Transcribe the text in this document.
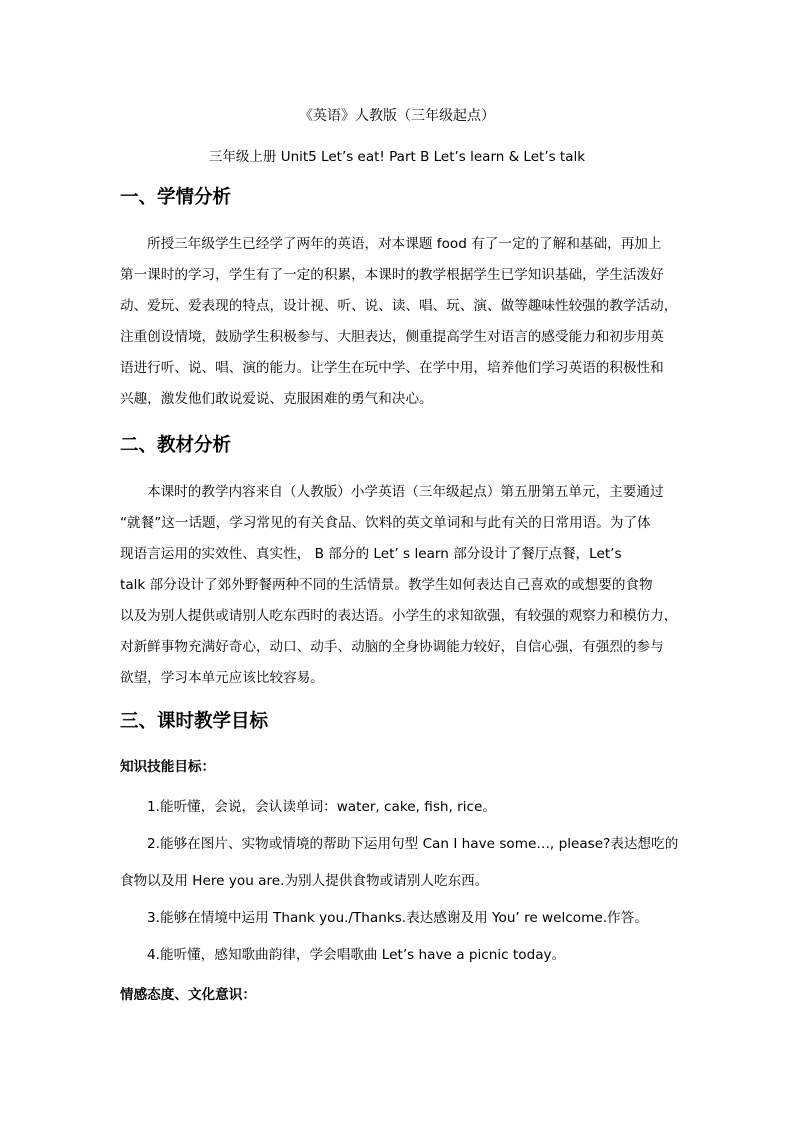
《英语》人教版（三年级起点）
三年级上册 Unit5 Let’s eat! Part B Let’s learn & Let’s talk
一、学情分析
所授三年级学生已经学了两年的英语，对本课题 food 有了一定的了解和基础，再加上
第一课时的学习，学生有了一定的积累，本课时的教学根据学生已学知识基础，学生活泼好
动、爱玩、爱表现的特点，设计视、听、说、读、唱、玩、演、做等趣味性较强的教学活动，
注重创设情境，鼓励学生积极参与、大胆表达，侧重提高学生对语言的感受能力和初步用英
语进行听、说、唱、演的能力。让学生在玩中学、在学中用，培养他们学习英语的积极性和
兴趣，激发他们敢说爱说、克服困难的勇气和决心。
二、教材分析
本课时的教学内容来自（人教版）小学英语（三年级起点）第五册第五单元，主要通过
“就餐”这一话题，学习常见的有关食品、饮料的英文单词和与此有关的日常用语。为了体
现语言运用的实效性、真实性， B 部分的 Let’ s learn 部分设计了餐厅点餐，Let’s
talk 部分设计了郊外野餐两种不同的生活情景。教学生如何表达自己喜欢的或想要的食物
以及为别人提供或请别人吃东西时的表达语。小学生的求知欲强，有较强的观察力和模仿力，
对新鲜事物充满好奇心，动口、动手、动脑的全身协调能力较好，自信心强，有强烈的参与
欲望，学习本单元应该比较容易。
三、课时教学目标
知识技能目标：
1.能听懂，会说，会认读单词：water, cake, fish, rice。
2.能够在图片、实物或情境的帮助下运用句型 Can I have some…, please?表达想吃的
食物以及用 Here you are.为别人提供食物或请别人吃东西。
3.能够在情境中运用 Thank you./Thanks.表达感谢及用 You’ re welcome.作答。
4.能听懂，感知歌曲韵律，学会唱歌曲 Let’s have a picnic today。
情感态度、文化意识：
